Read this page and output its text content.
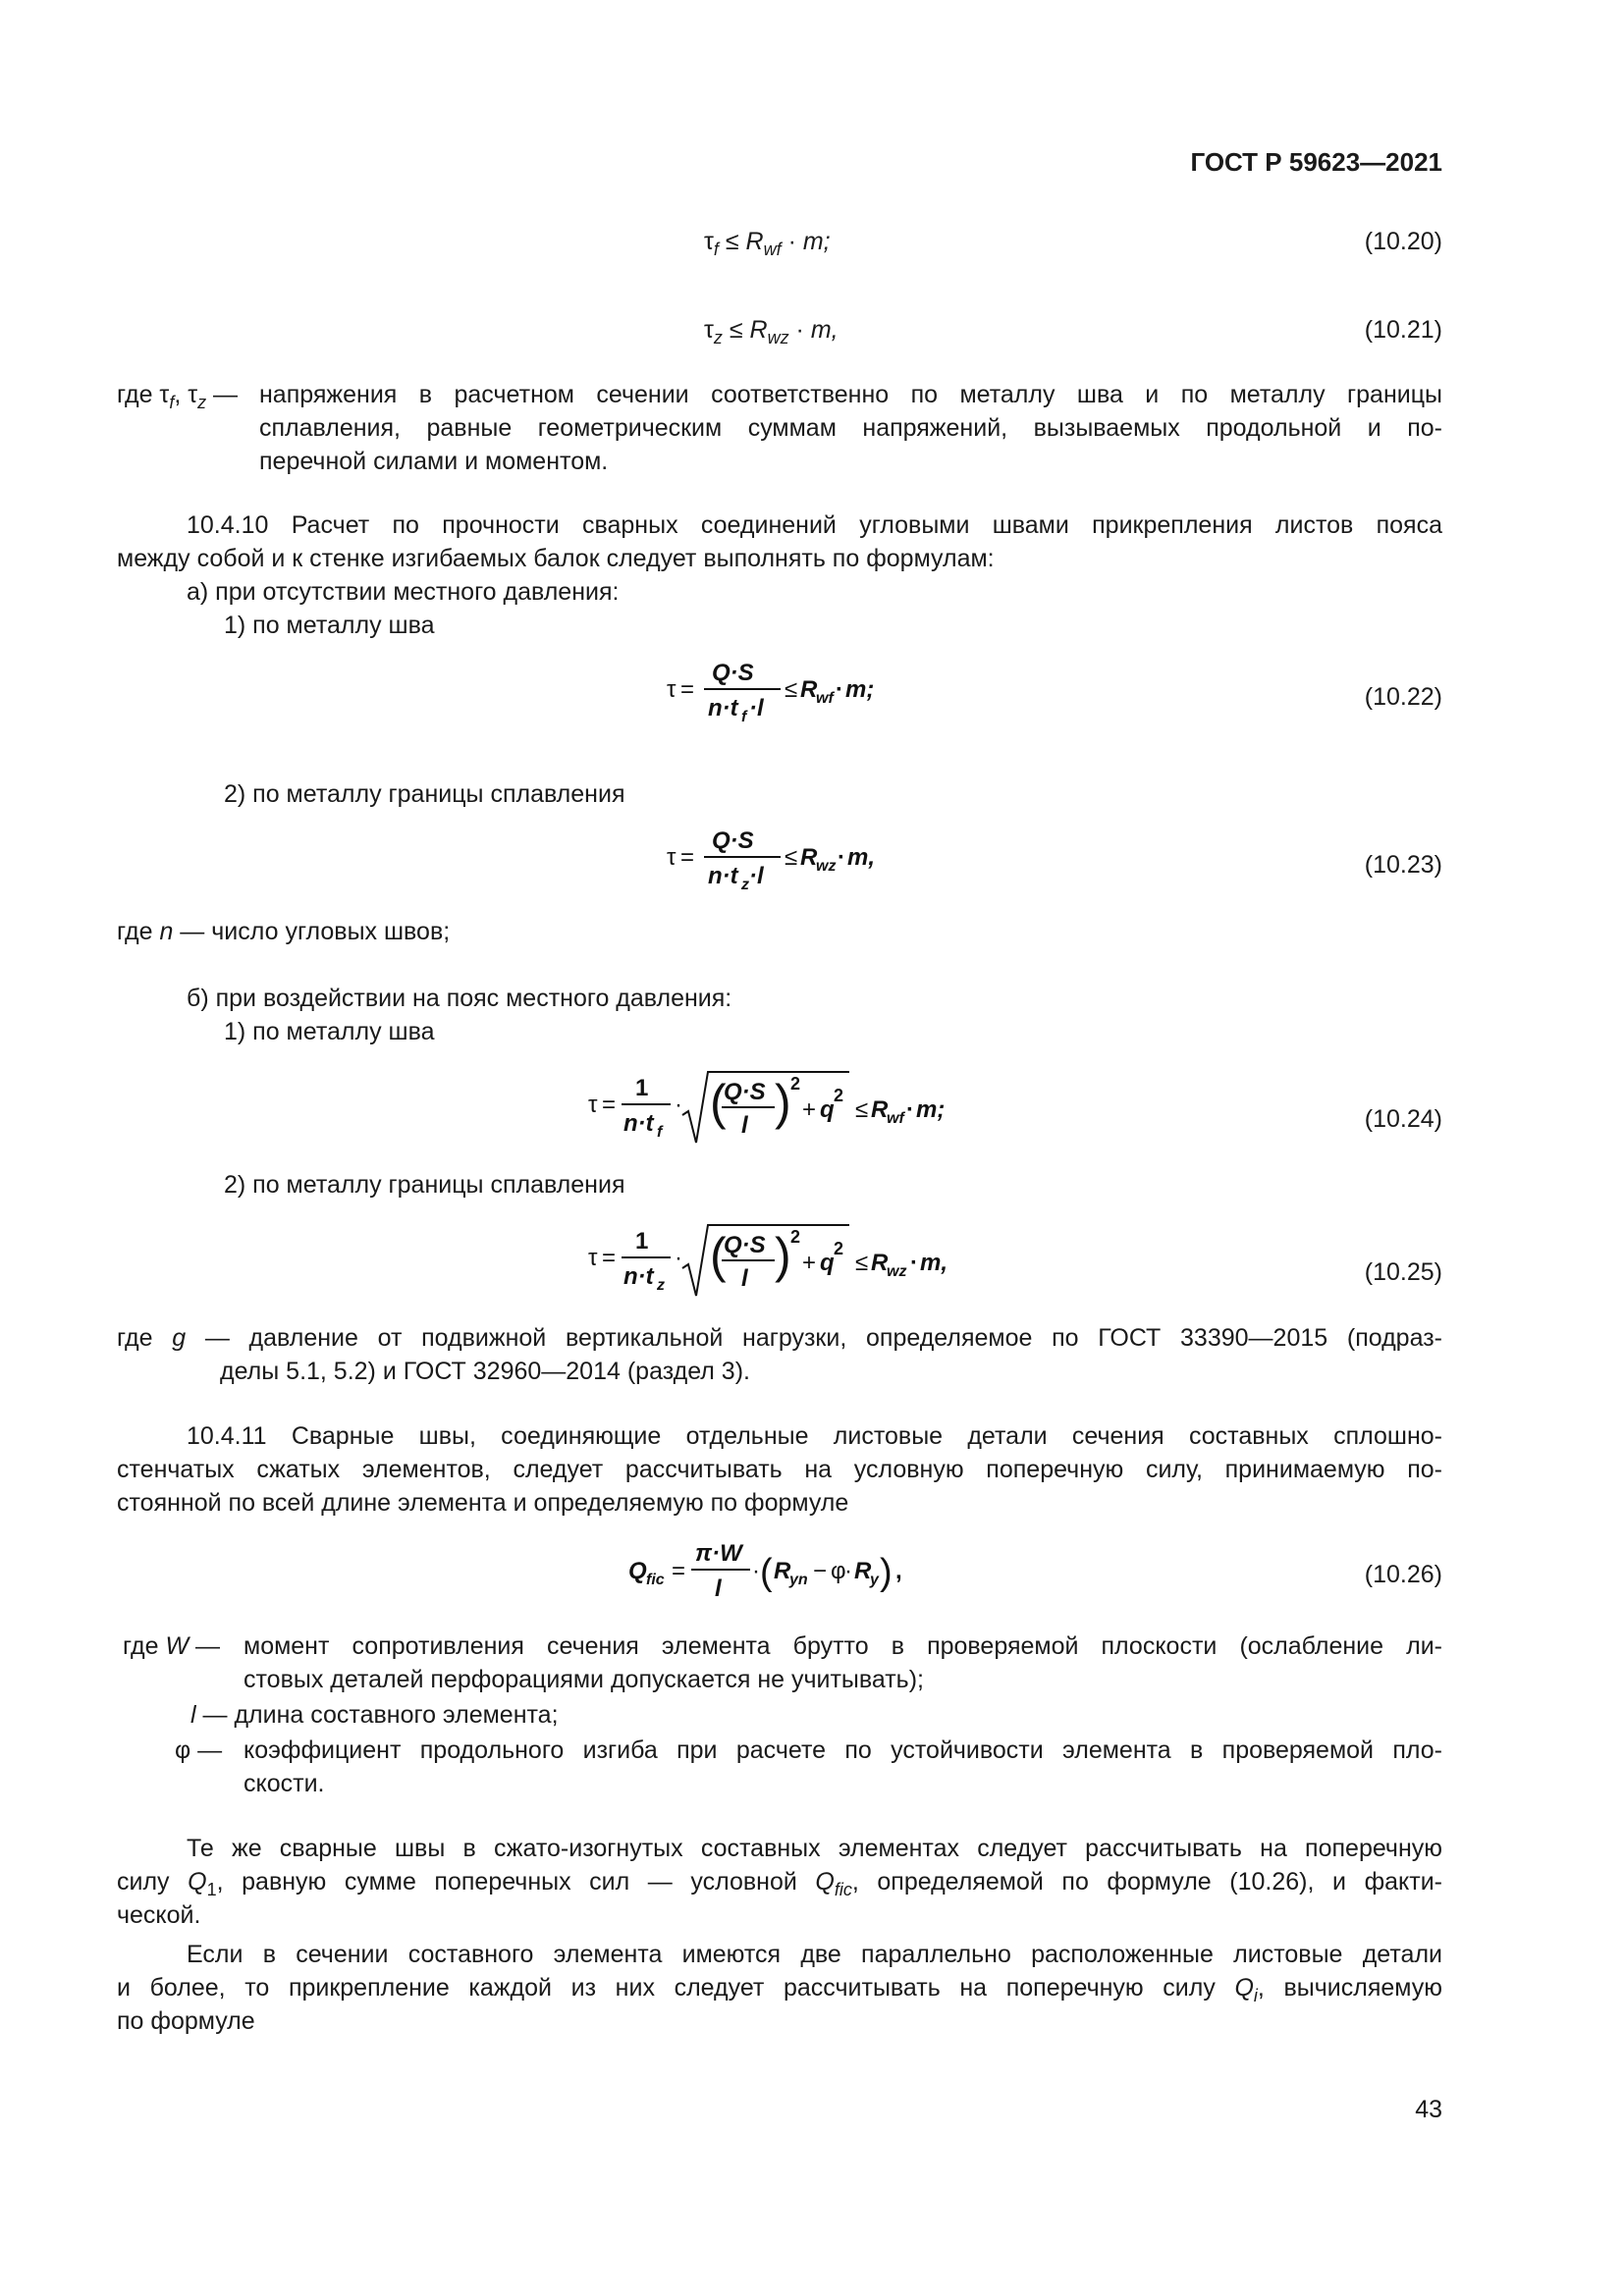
ГОСТ Р 59623—2021
$\tau_f \le R_{wf} \cdot m$;	(10.20)
$\tau_z \le R_{wz} \cdot m$,	(10.21)
где $\tau_f$, $\tau_z$ — напряжения в расчетном сечении соответственно по металлу шва и по металлу границы
сплавления, равные геометрическим суммам напряжений, вызываемых продольной и по-
перечной силами и моментом.
10.4.10 Расчет по прочности сварных соединений угловыми швами прикрепления листов пояса
между собой и к стенке изгибаемых балок следует выполнять по формулам:
а) при отсутствии местного давления:
1) по металлу шва
τ =
Q·S
n·t f ·l
≤ R
wf · m;	(10.22)
2) по металлу границы сплавления
τ =
Q·S
n·t z ·l
≤ R
wz · m,	(10.23)
где n — число угловых швов;
б) при воздействии на пояс местного давления:
1) по металлу шва
τ =
1
n·t f
· (
Q·S
l ) 2
+ q
2
≤ R
wf · m;	(10.24)
2) по металлу границы сплавления
τ =
1
n·t z
· (
Q·S
l ) 2
+ q
2
≤ R
wz · m,	(10.25)
где g — давление от подвижной вертикальной нагрузки, определяемое по ГОСТ 33390—2015 (подраз-
делы 5.1, 5.2) и ГОСТ 32960—2014 (раздел 3).
10.4.11 Сварные швы, соединяющие отдельные листовые детали сечения составных сплошно-
стенчатых сжатых элементов, следует рассчитывать на условную поперечную силу, принимаемую по-
стоянной по всей длине элемента и определяемую по формуле
Q fic =
π·W
l
· ( R
yn − φ
· R
y ) ,	(10.26)
где W — момент сопротивления сечения элемента брутто в проверяемой плоскости (ослабление ли-
стовых деталей перфорациями допускается не учитывать);
l — длина составного элемента;
φ — коэффициент продольного изгиба при расчете по устойчивости элемента в проверяемой пло-
скости.
Те же сварные швы в сжато-изогнутых составных элементах следует рассчитывать на поперечную
силу $Q_1$, равную сумме поперечных сил — условной $Q_{fic}$, определяемой по формуле (10.26), и факти-
ческой.
Если в сечении составного элемента имеются две параллельно расположенные листовые детали
и более, то прикрепление каждой из них следует рассчитывать на поперечную силу $Q_i$, вычисляемую
по формуле
43
